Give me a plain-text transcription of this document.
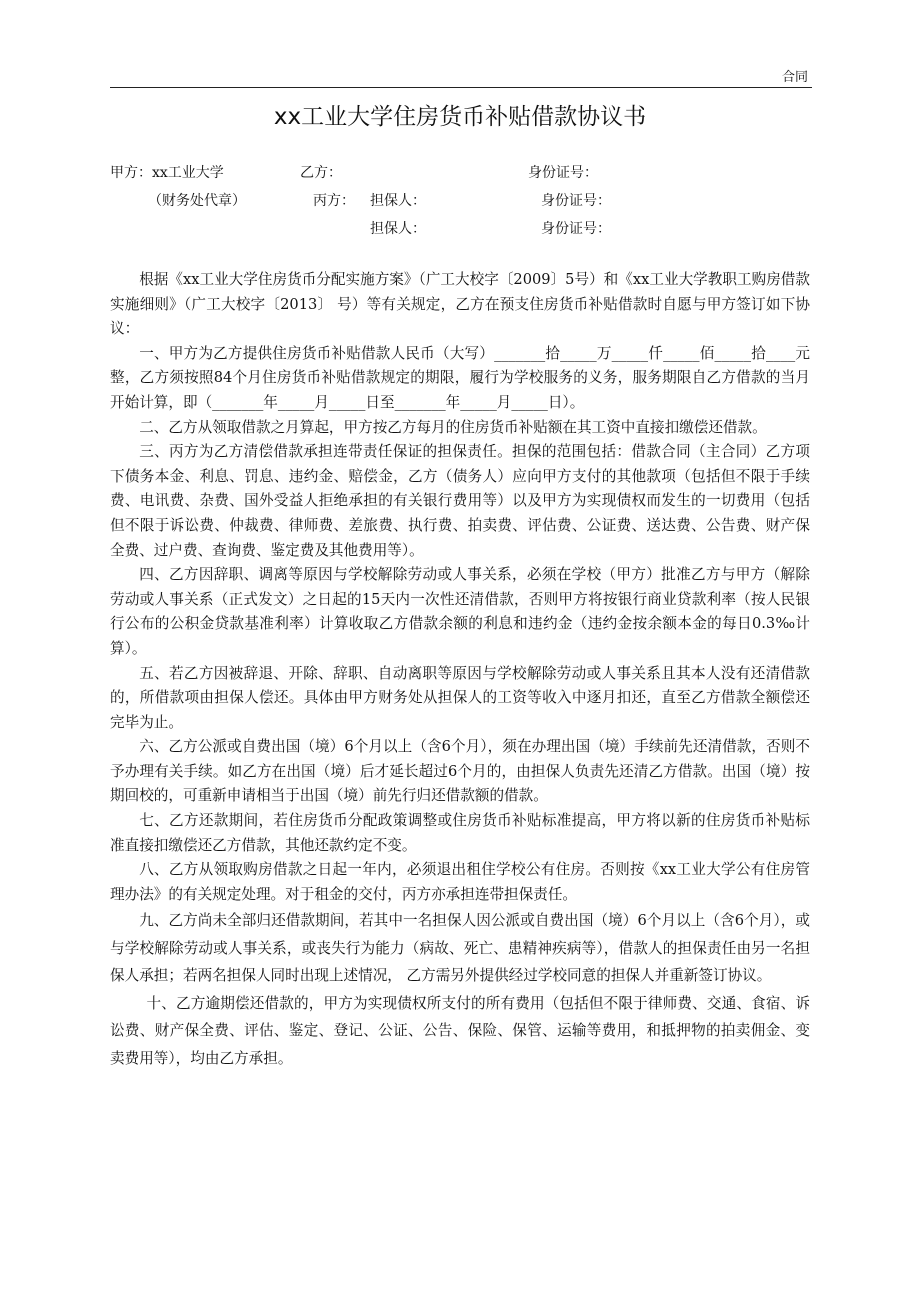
合同
xx工业大学住房货币补贴借款协议书
甲方：xx工业大学	乙方：	身份证号：
（财务处代章）	丙方： 担保人：	身份证号：
担保人：	身份证号：

根据《xx工业大学住房货币分配实施方案》（广工大校字〔2009〕5号）和《xx工业大学教职工购房借款实施细则》（广工大校字〔2013〕 号）等有关规定，乙方在预支住房货币补贴借款时自愿与甲方签订如下协议：

一、甲方为乙方提供住房货币补贴借款人民币（大写）_______拾_____万_____仟_____佰_____拾____元整，乙方须按照84个月住房货币补贴借款规定的期限，履行为学校服务的义务，服务期限自乙方借款的当月开始计算，即（_______年_____月_____日至_______年_____月_____日）。

二、乙方从领取借款之月算起，甲方按乙方每月的住房货币补贴额在其工资中直接扣缴偿还借款。

三、丙方为乙方清偿借款承担连带责任保证的担保责任。担保的范围包括：借款合同（主合同）乙方项下债务本金、利息、罚息、违约金、赔偿金，乙方（债务人）应向甲方支付的其他款项（包括但不限于手续费、电讯费、杂费、国外受益人拒绝承担的有关银行费用等）以及甲方为实现债权而发生的一切费用（包括但不限于诉讼费、仲裁费、律师费、差旅费、执行费、拍卖费、评估费、公证费、送达费、公告费、财产保全费、过户费、查询费、鉴定费及其他费用等）。

四、乙方因辞职、调离等原因与学校解除劳动或人事关系，必须在学校（甲方）批准乙方与甲方（解除劳动或人事关系（正式发文）之日起的15天内一次性还清借款，否则甲方将按银行商业贷款利率（按人民银行公布的公积金贷款基准利率）计算收取乙方借款余额的利息和违约金（违约金按余额本金的每日0.3‰计算）。

五、若乙方因被辞退、开除、辞职、自动离职等原因与学校解除劳动或人事关系且其本人没有还清借款的，所借款项由担保人偿还。具体由甲方财务处从担保人的工资等收入中逐月扣还，直至乙方借款全额偿还完毕为止。

六、乙方公派或自费出国（境）6个月以上（含6个月），须在办理出国（境）手续前先还清借款，否则不予办理有关手续。如乙方在出国（境）后才延长超过6个月的，由担保人负责先还清乙方借款。出国（境）按期回校的，可重新申请相当于出国（境）前先行归还借款额的借款。

七、乙方还款期间，若住房货币分配政策调整或住房货币补贴标准提高，甲方将以新的住房货币补贴标准直接扣缴偿还乙方借款，其他还款约定不变。

八、乙方从领取购房借款之日起一年内，必须退出租住学校公有住房。否则按《xx工业大学公有住房管理办法》的有关规定处理。对于租金的交付，丙方亦承担连带担保责任。

九、乙方尚未全部归还借款期间，若其中一名担保人因公派或自费出国（境）6个月以上（含6个月），或与学校解除劳动或人事关系，或丧失行为能力（病故、死亡、患精神疾病等），借款人的担保责任由另一名担保人承担；若两名担保人同时出现上述情况， 乙方需另外提供经过学校同意的担保人并重新签订协议。

十、乙方逾期偿还借款的，甲方为实现债权所支付的所有费用（包括但不限于律师费、交通、食宿、诉讼费、财产保全费、评估、鉴定、登记、公证、公告、保险、保管、运输等费用，和抵押物的拍卖佣金、变卖费用等），均由乙方承担。
